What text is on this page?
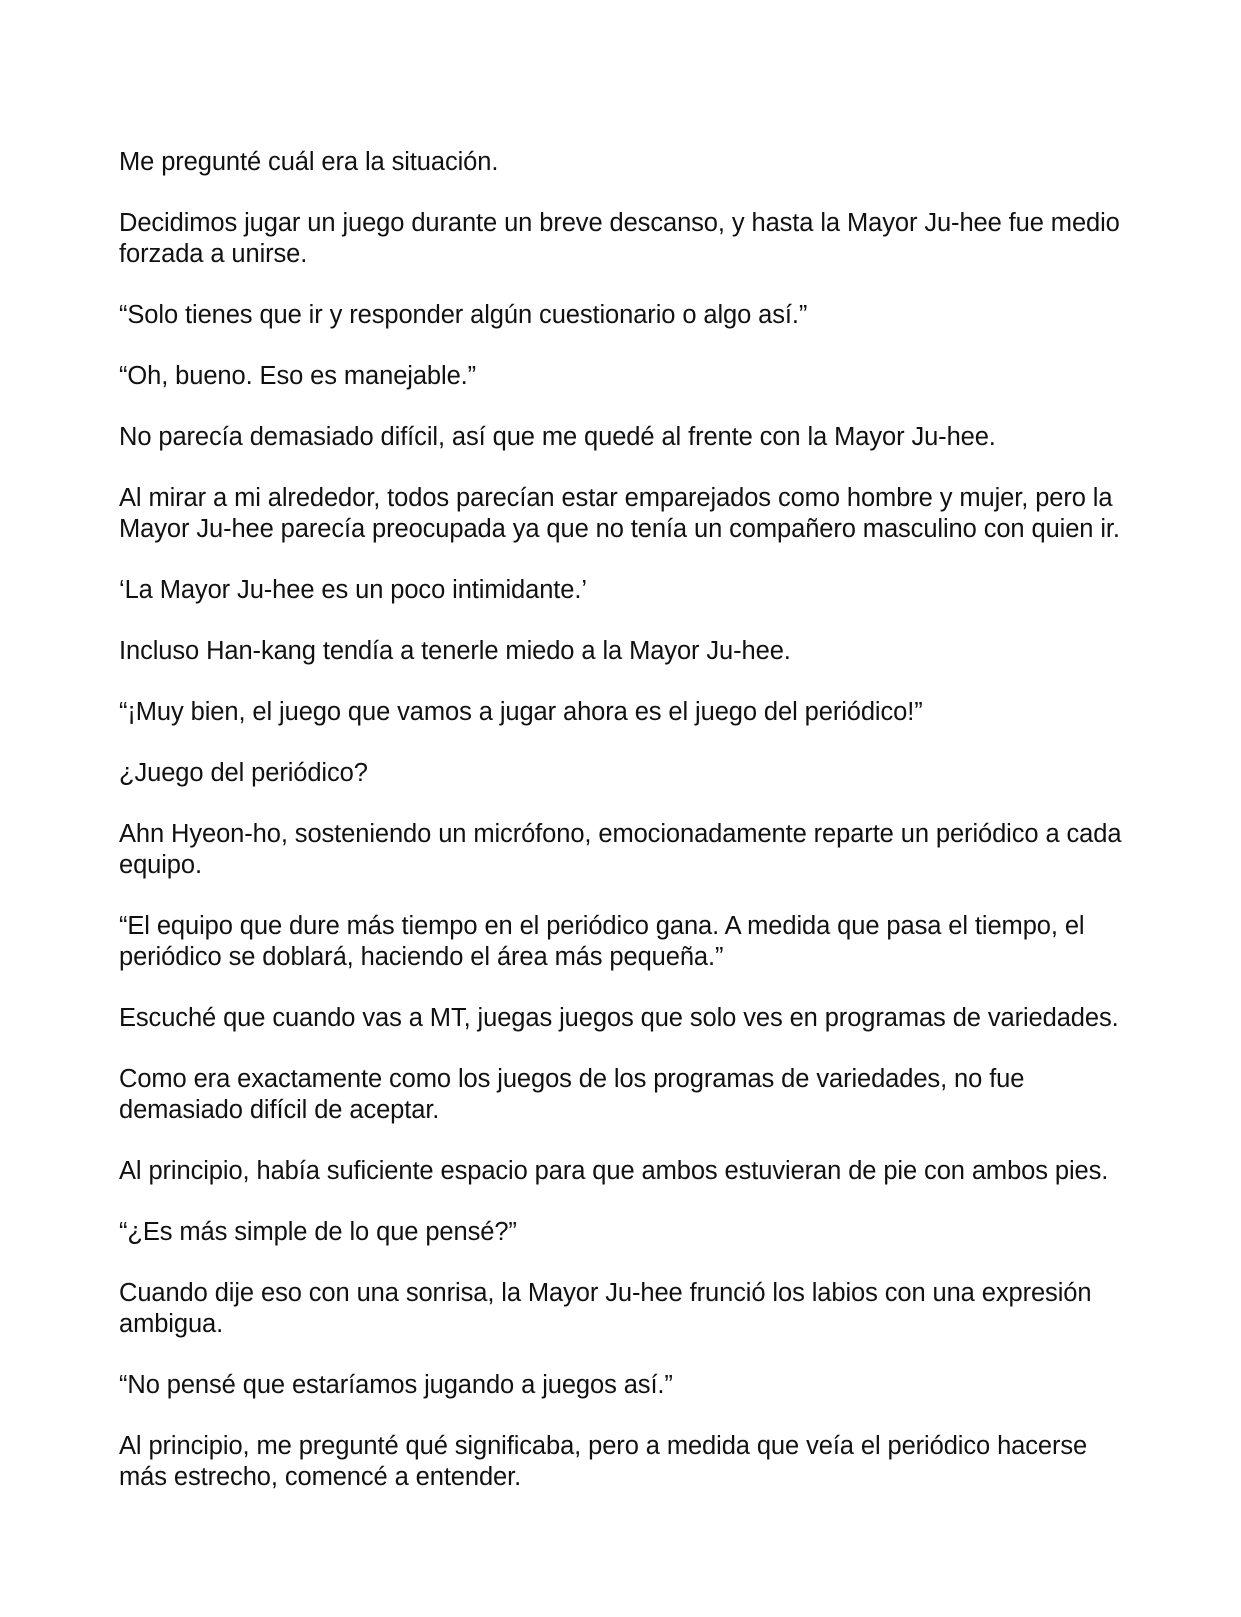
Me pregunté cuál era la situación.

Decidimos jugar un juego durante un breve descanso, y hasta la Mayor Ju-hee fue medio forzada a unirse.

“Solo tienes que ir y responder algún cuestionario o algo así.”

“Oh, bueno. Eso es manejable.”

No parecía demasiado difícil, así que me quedé al frente con la Mayor Ju-hee.

Al mirar a mi alrededor, todos parecían estar emparejados como hombre y mujer, pero la Mayor Ju-hee parecía preocupada ya que no tenía un compañero masculino con quien ir.

‘La Mayor Ju-hee es un poco intimidante.’

Incluso Han-kang tendía a tenerle miedo a la Mayor Ju-hee.

“¡Muy bien, el juego que vamos a jugar ahora es el juego del periódico!”

¿Juego del periódico?

Ahn Hyeon-ho, sosteniendo un micrófono, emocionadamente reparte un periódico a cada equipo.

“El equipo que dure más tiempo en el periódico gana. A medida que pasa el tiempo, el periódico se doblará, haciendo el área más pequeña.”

Escuché que cuando vas a MT, juegas juegos que solo ves en programas de variedades.

Como era exactamente como los juegos de los programas de variedades, no fue demasiado difícil de aceptar.

Al principio, había suficiente espacio para que ambos estuvieran de pie con ambos pies.

“¿Es más simple de lo que pensé?”

Cuando dije eso con una sonrisa, la Mayor Ju-hee frunció los labios con una expresión ambigua.

“No pensé que estaríamos jugando a juegos así.”

Al principio, me pregunté qué significaba, pero a medida que veía el periódico hacerse más estrecho, comencé a entender.
